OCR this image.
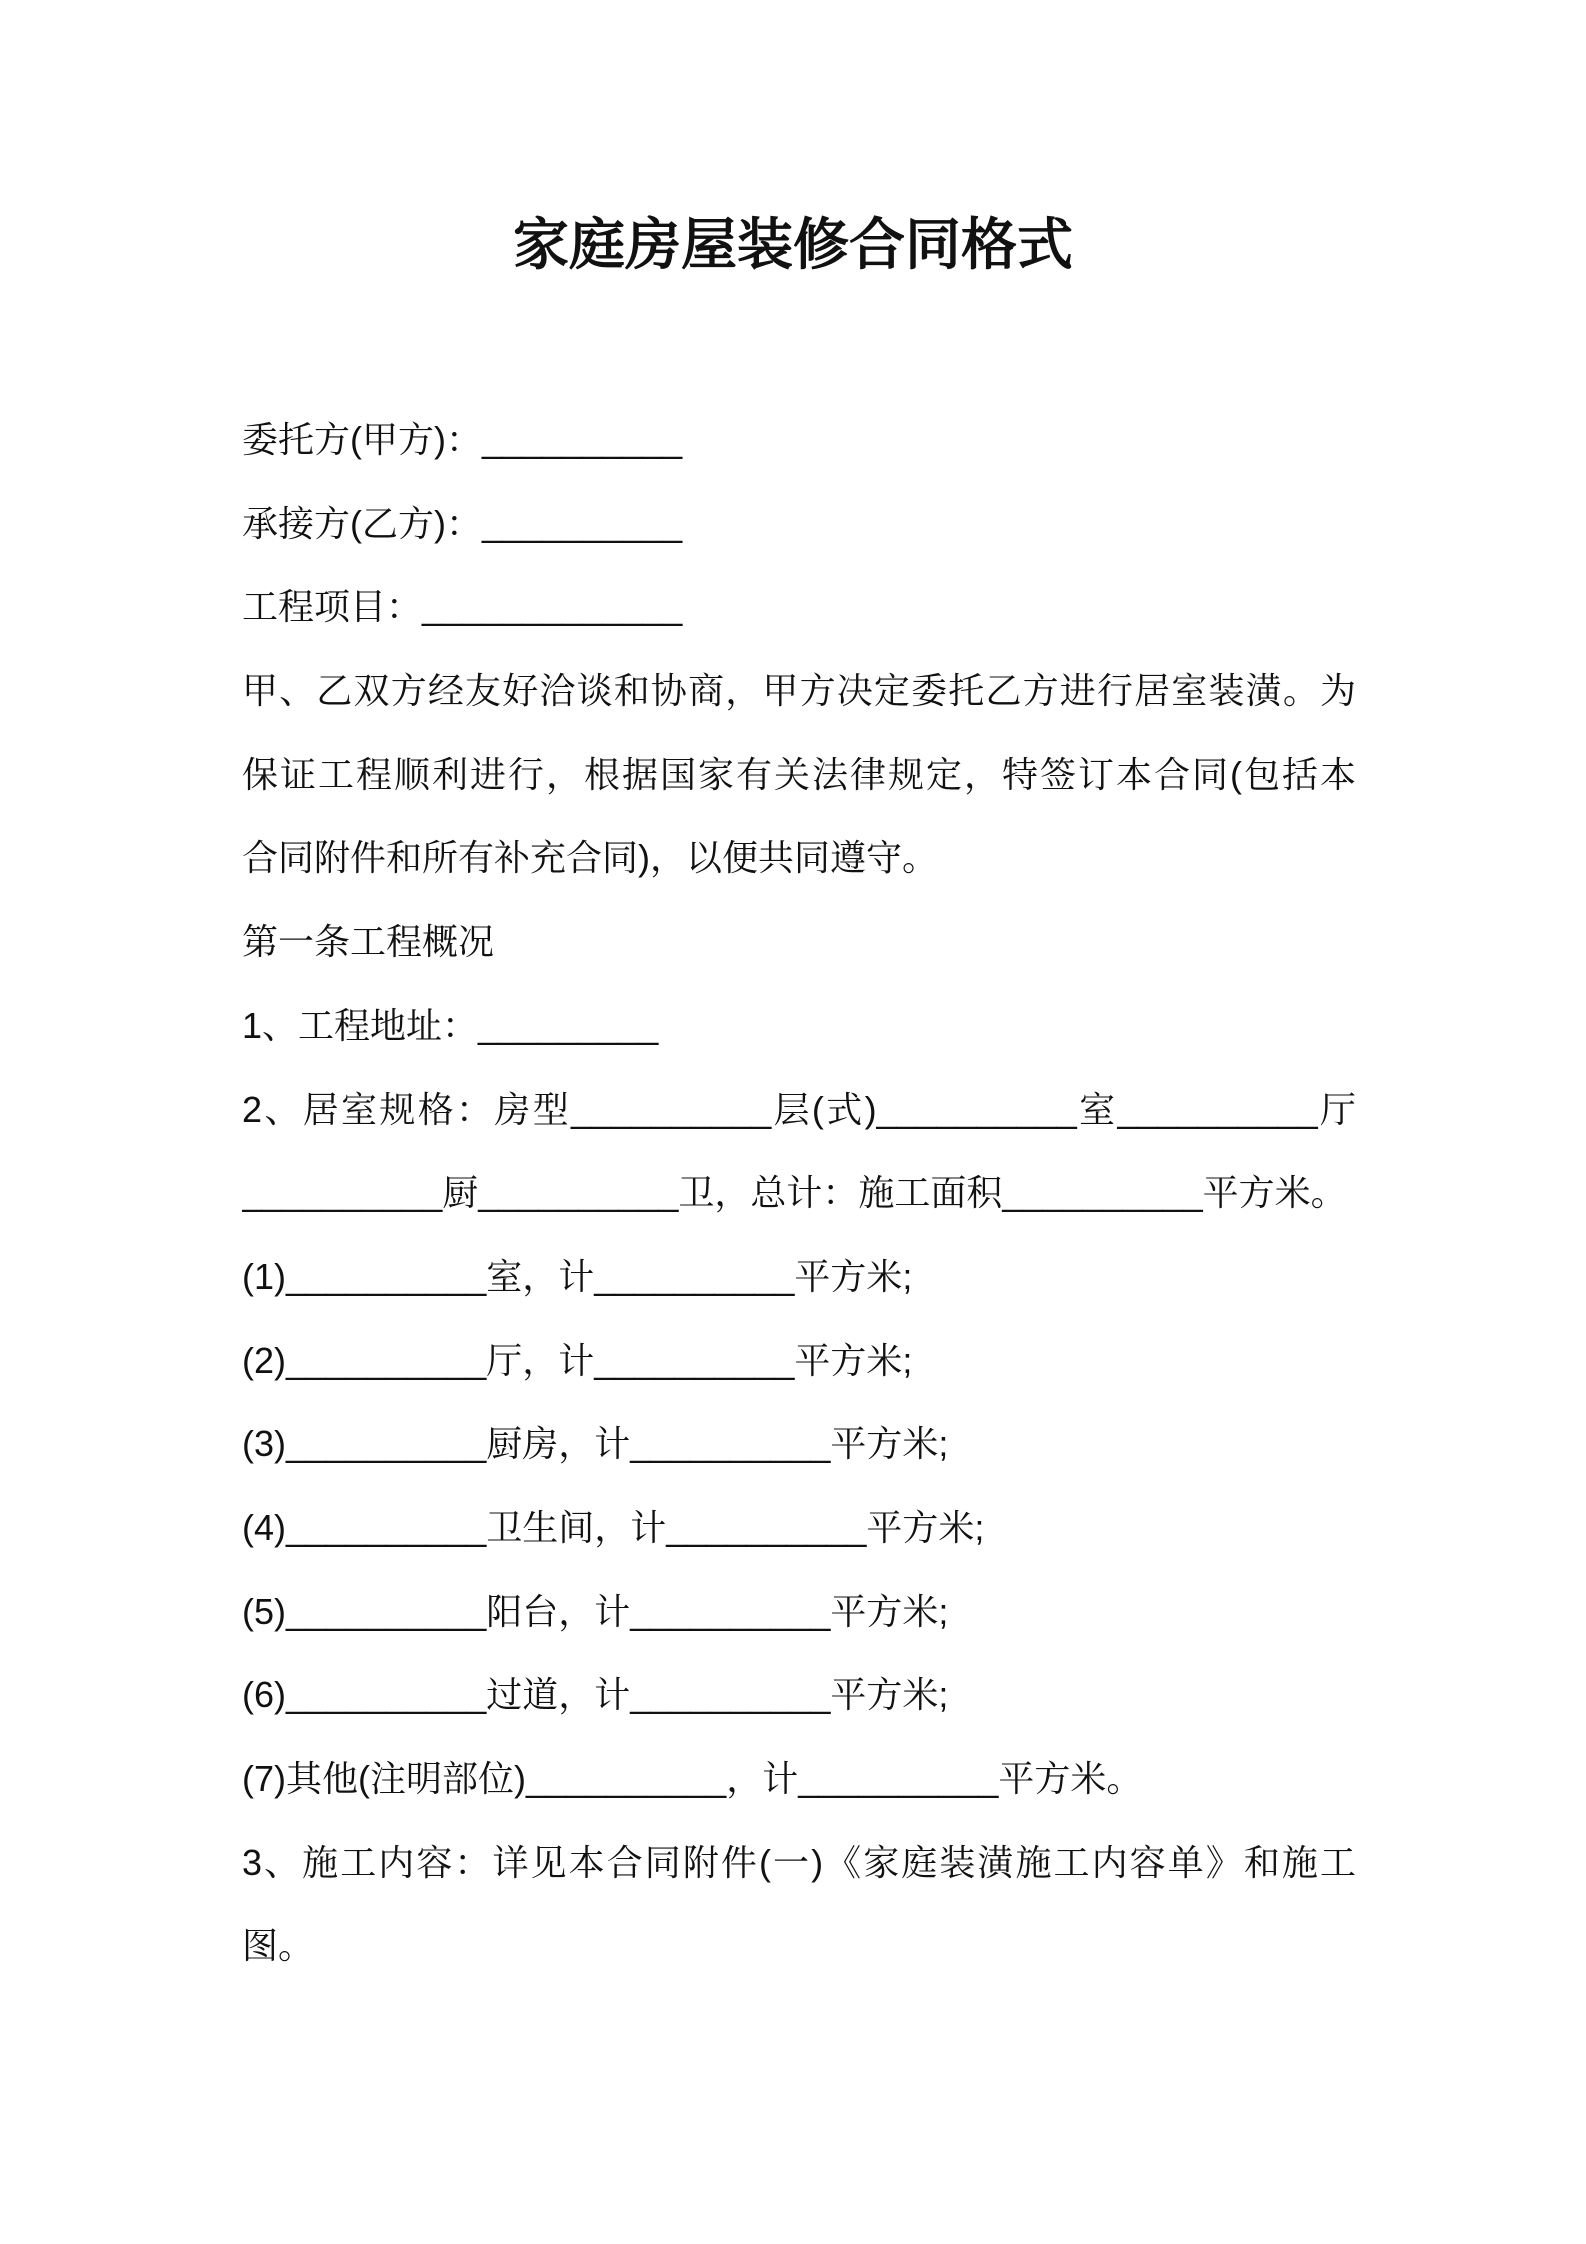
家庭房屋装修合同格式
委托方(甲方)：__________
承接方(乙方)：__________
工程项目：_____________
甲、乙双方经友好洽谈和协商，甲方决定委托乙方进行居室装潢。为
保证工程顺利进行，根据国家有关法律规定，特签订本合同(包括本
合同附件和所有补充合同)，以便共同遵守。
第一条工程概况
1、工程地址：_________
2、居室规格：房型__________层(式)__________室__________厅
__________厨__________卫，总计：施工面积__________平方米。
(1)__________室，计__________平方米;
(2)__________厅，计__________平方米;
(3)__________厨房，计__________平方米;
(4)__________卫生间，计__________平方米;
(5)__________阳台，计__________平方米;
(6)__________过道，计__________平方米;
(7)其他(注明部位)__________，计__________平方米。
3、施工内容：详见本合同附件(一)《家庭装潢施工内容单》和施工
图。
